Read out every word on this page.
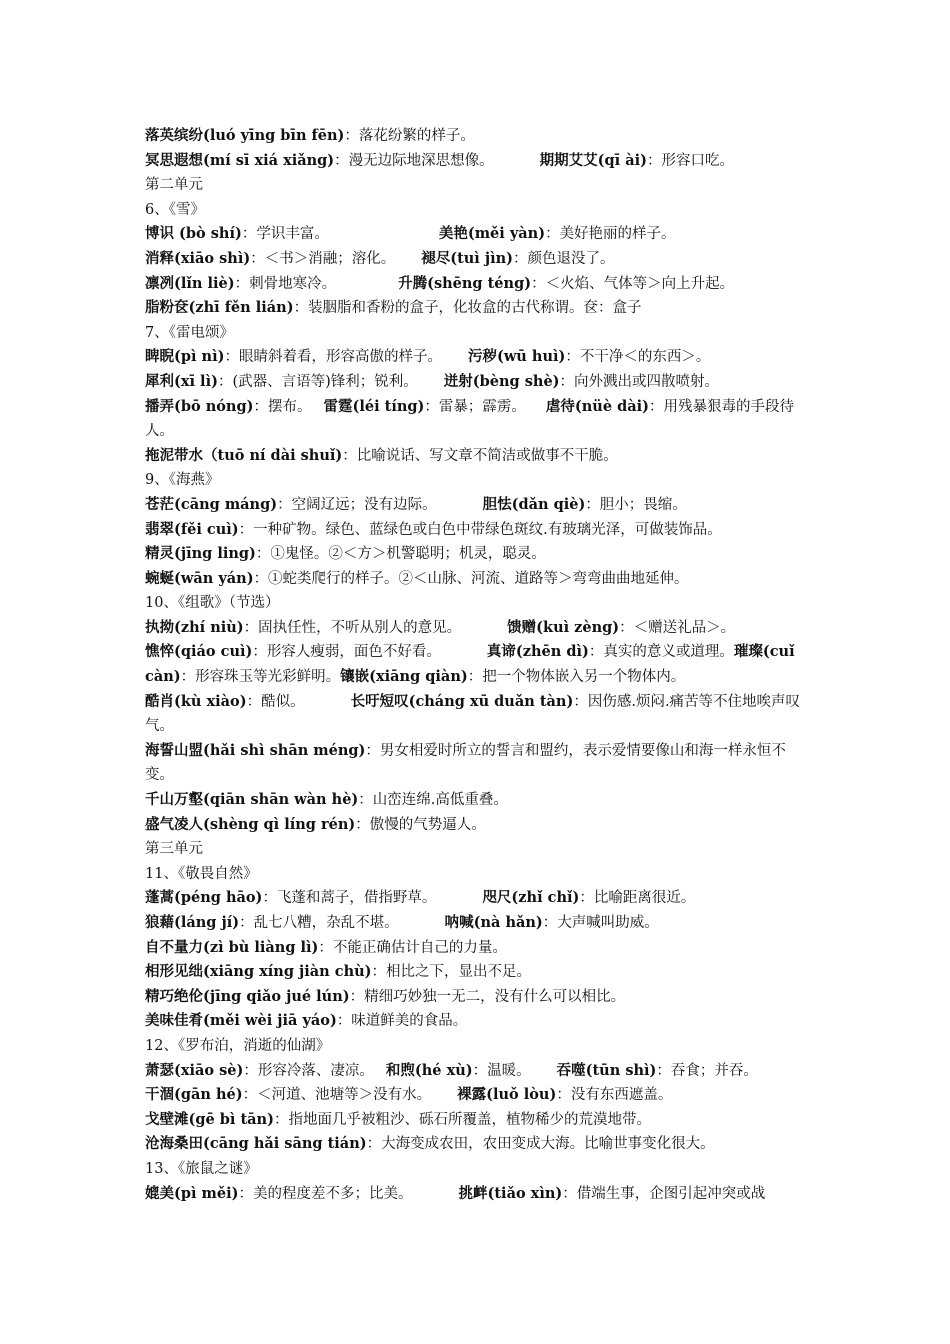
落英缤纷(luó yīng bīn fēn)：落花纷繁的样子。
冥思遐想(mí sī xiá xiǎng)：漫无边际地深思想像。	期期艾艾(qī ài)：形容口吃。
第二单元
6、《雪》
博识 (bò shí)：学识丰富。	美艳(měi yàn)：美好艳丽的样子。
消释(xiāo shì)：＜书＞消融；溶化。 褪尽(tuì jìn)：颜色退没了。
凛冽(lǐn liè)：刺骨地寒冷。	升腾(shēng téng)：＜火焰、气体等＞向上升起。
脂粉奁(zhī fěn lián)：装胭脂和香粉的盒子，化妆盒的古代称谓。奁：盒子
7、《雷电颂》
睥睨(pì nì)：眼睛斜着看，形容高傲的样子。 污秽(wū huì)：不干净＜的东西＞。
犀利(xī lì)：(武器、言语等)锋利；锐利。 迸射(bèng shè)：向外溅出或四散喷射。
播弄(bō nóng)：摆布。 雷霆(léi tíng)：雷暴；霹雳。 虐待(nüè dài)：用残暴狠毒的手段待人。
拖泥带水（tuō ní dài shuǐ)：比喻说话、写文章不简洁或做事不干脆。
9、《海燕》
苍茫(cāng máng)：空阔辽远；没有边际。	胆怯(dǎn qiè)：胆小；畏缩。
翡翠(fěi cuì)：一种矿物。绿色、蓝绿色或白色中带绿色斑纹.有玻璃光泽，可做装饰品。
精灵(jīng ling)：①鬼怪。②＜方＞机警聪明；机灵，聪灵。
蜿蜒(wān yán)：①蛇类爬行的样子。②＜山脉、河流、道路等＞弯弯曲曲地延伸。
10、《组歌》（节选）
执拗(zhí niù)：固执任性，不听从别人的意见。	馈赠(kuì zèng)：＜赠送礼品＞。
憔悴(qiáo cuì)：形容人瘦弱，面色不好看。	真谛(zhēn dì)：真实的意义或道理。璀璨(cuǐ càn)：形容珠玉等光彩鲜明。镶嵌(xiāng qiàn)：把一个物体嵌入另一个物体内。
酷肖(kù xiào)：酷似。	长吁短叹(cháng xū duǎn tàn)：因伤感.烦闷.痛苦等不住地唉声叹气。
海誓山盟(hǎi shì shān méng)：男女相爱时所立的誓言和盟约，表示爱情要像山和海一样永恒不变。
千山万壑(qiān shān wàn hè)：山峦连绵.高低重叠。
盛气凌人(shèng qì líng rén)：傲慢的气势逼人。
第三单元
11、《敬畏自然》
蓬蒿(péng hāo)：飞蓬和蒿子，借指野草。	咫尺(zhǐ chǐ)：比喻距离很近。
狼藉(láng jí)：乱七八糟，杂乱不堪。	呐喊(nà hǎn)：大声喊叫助威。
自不量力(zì bù liàng lì)：不能正确估计自己的力量。
相形见绌(xiāng xíng jiàn chù)：相比之下，显出不足。
精巧绝伦(jīng qiǎo jué lún)：精细巧妙独一无二，没有什么可以相比。
美味佳肴(měi wèi jiā yáo)：味道鲜美的食品。
12、《罗布泊，消逝的仙湖》
萧瑟(xiāo sè)：形容冷落、凄凉。 和煦(hé xù)：温暖。 吞噬(tūn shì)：吞食；并吞。
干涸(gān hé)：＜河道、池塘等＞没有水。 裸露(luǒ lòu)：没有东西遮盖。
戈壁滩(gē bì tān)：指地面几乎被粗沙、砾石所覆盖，植物稀少的荒漠地带。
沧海桑田(cāng hǎi sāng tián)：大海变成农田，农田变成大海。比喻世事变化很大。
13、《旅鼠之谜》
媲美(pì měi)：美的程度差不多；比美。	挑衅(tiǎo xìn)：借端生事，企图引起冲突或战
